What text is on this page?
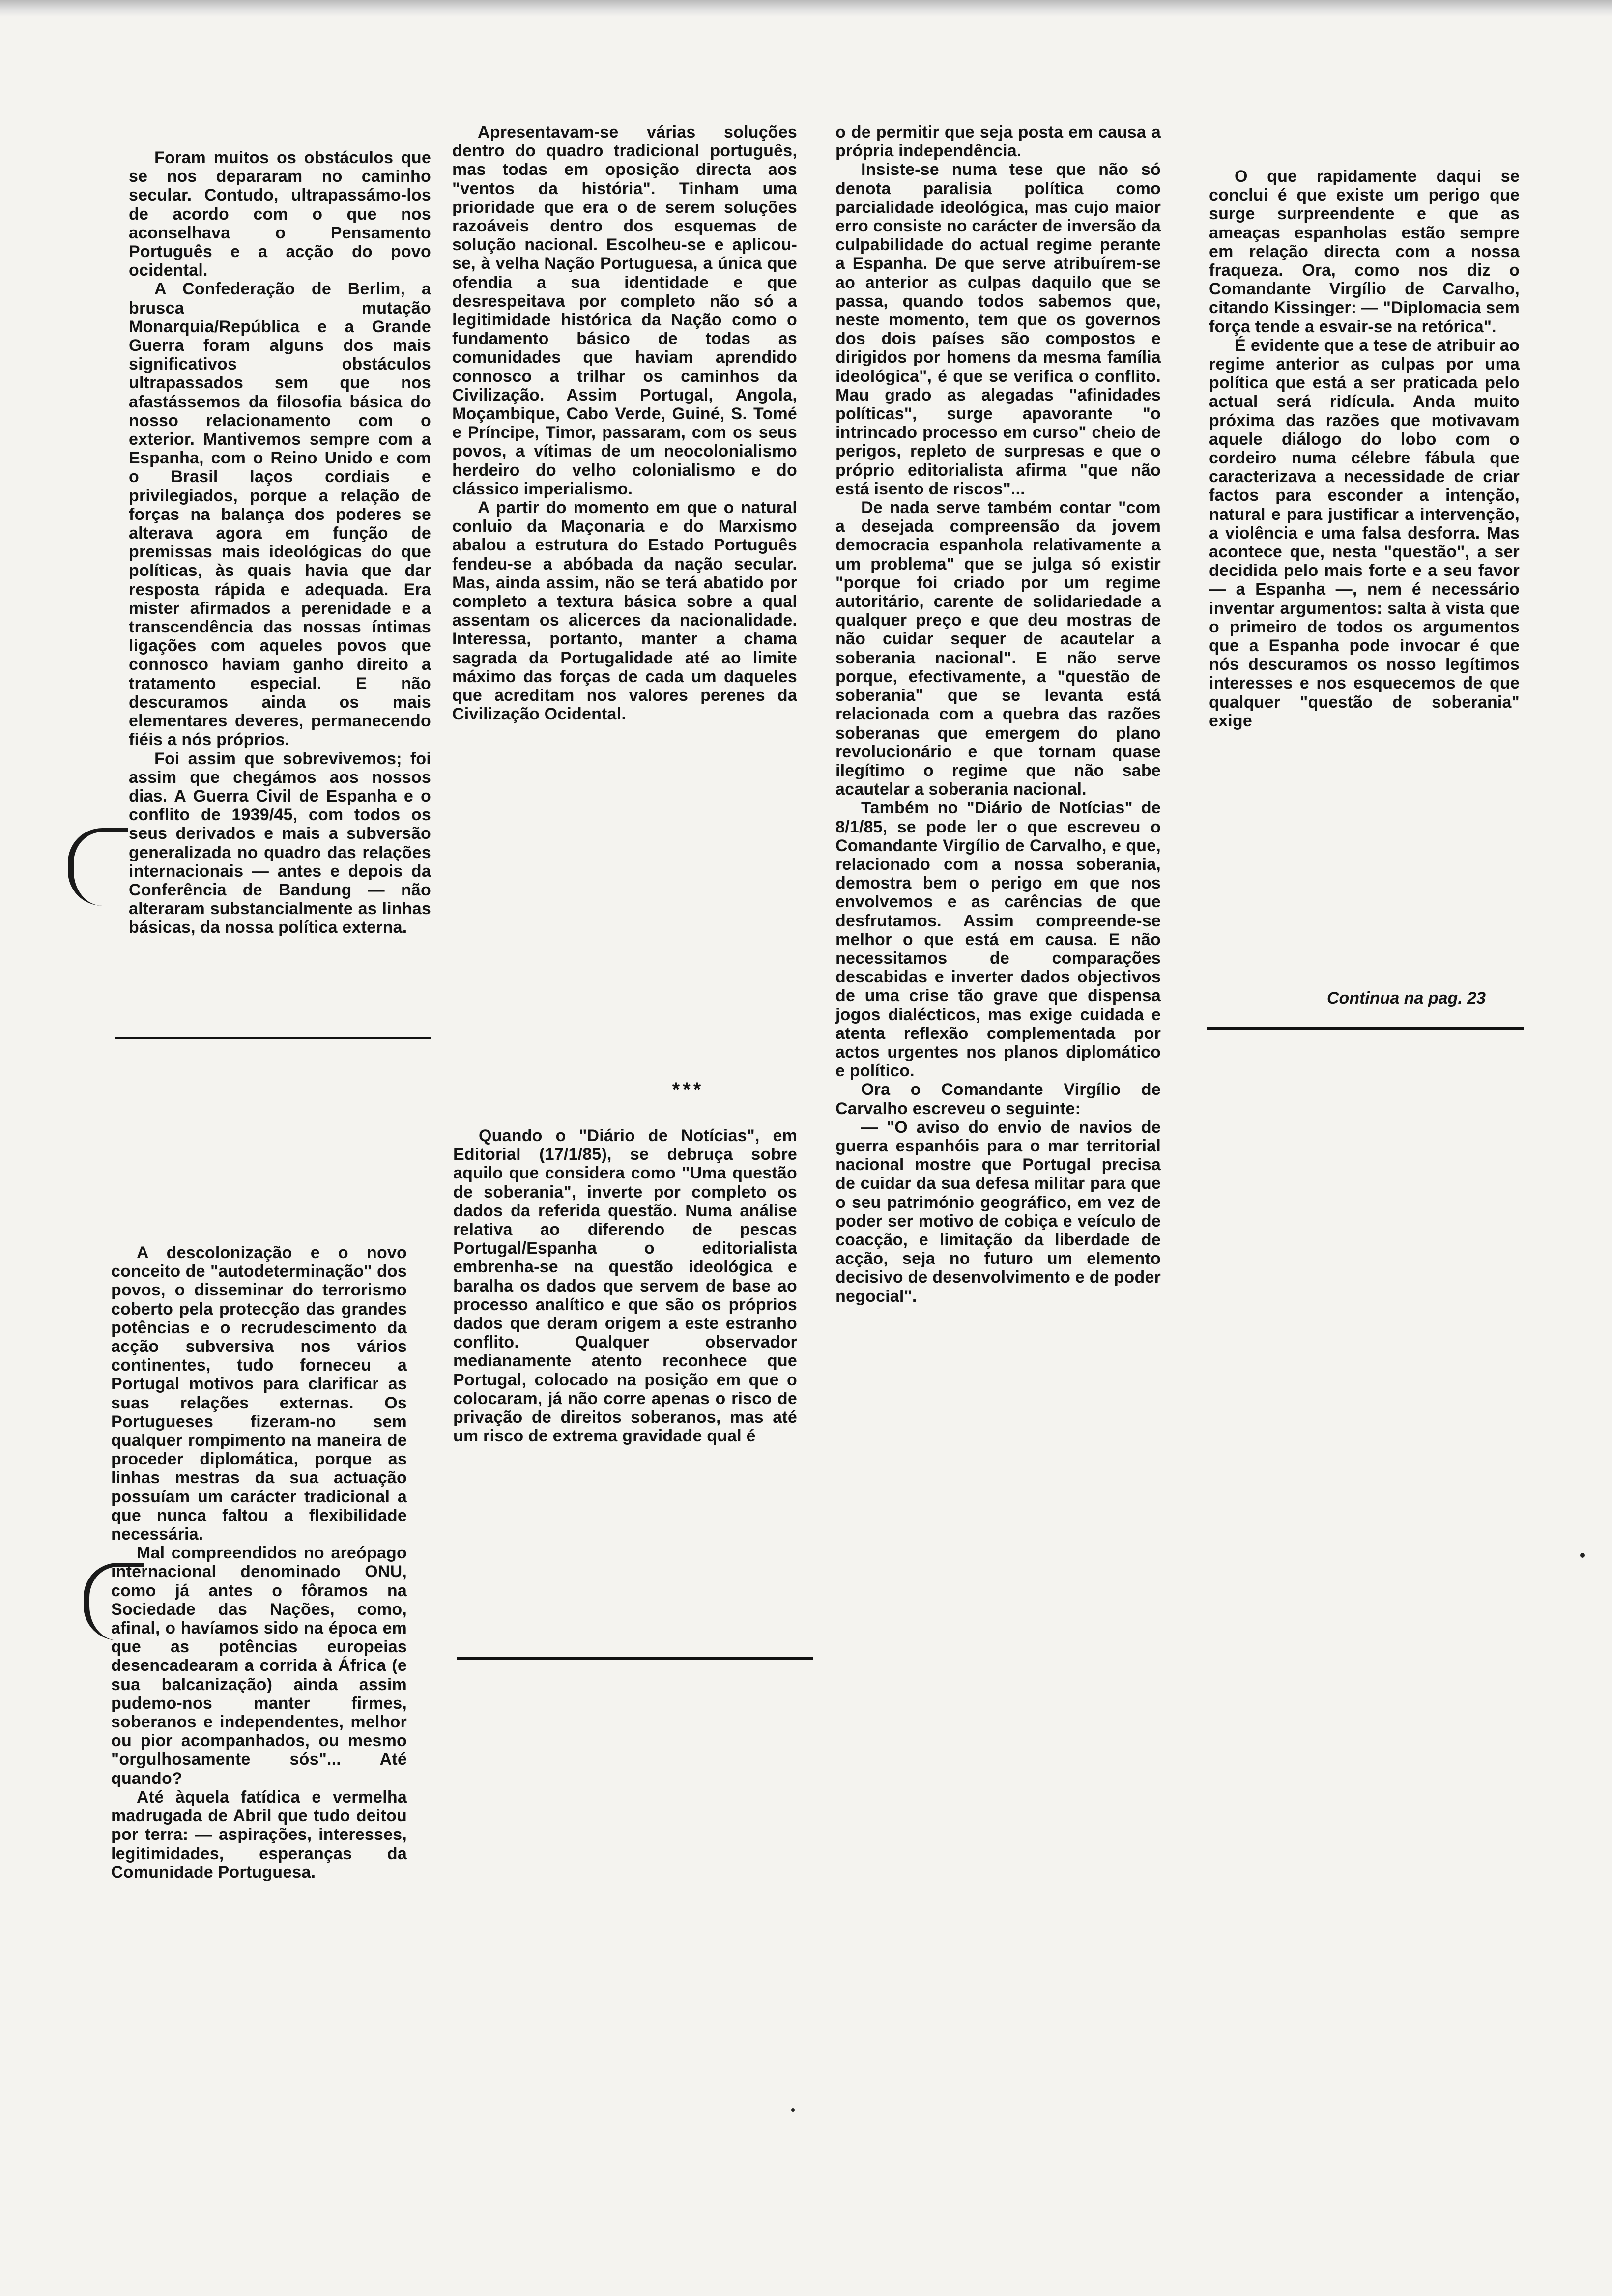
Foram muitos os obstáculos que se nos depararam no caminho secular. Contudo, ultrapassámo-los de acordo com o que nos aconselhava o Pensamento Português e a acção do povo ocidental.

A Confederação de Berlim, a brusca mutação Monarquia/República e a Grande Guerra foram alguns dos mais significativos obstáculos ultrapassados sem que nos afastássemos da filosofia básica do nosso relacionamento com o exterior. Mantivemos sempre com a Espanha, com o Reino Unido e com o Brasil laços cordiais e privilegiados, porque a relação de forças na balança dos poderes se alterava agora em função de premissas mais ideológicas do que políticas, às quais havia que dar resposta rápida e adequada. Era mister afirmados a perenidade e a transcendência das nossas íntimas ligações com aqueles povos que connosco haviam ganho direito a tratamento especial. E não descuramos ainda os mais elementares deveres, permanecendo fiéis a nós próprios.

Foi assim que sobrevivemos; foi assim que chegámos aos nossos dias. A Guerra Civil de Espanha e o conflito de 1939/45, com todos os seus derivados e mais a subversão generalizada no quadro das relações internacionais — antes e depois da Conferência de Bandung — não alteraram substancialmente as linhas básicas, da nossa política externa.

A descolonização e o novo conceito de "autodeterminação" dos povos, o disseminar do terrorismo coberto pela protecção das grandes potências e o recrudescimento da acção subversiva nos vários continentes, tudo forneceu a Portugal motivos para clarificar as suas relações externas. Os Portugueses fizeram-no sem qualquer rompimento na maneira de proceder diplomática, porque as linhas mestras da sua actuação possuíam um carácter tradicional a que nunca faltou a flexibilidade necessária.

Mal compreendidos no areópago internacional denominado ONU, como já antes o fôramos na Sociedade das Nações, como, afinal, o havíamos sido na época em que as potências europeias desencadearam a corrida à África (e sua balcanização) ainda assim pudemo-nos manter firmes, soberanos e independentes, melhor ou pior acompanhados, ou mesmo "orgulhosamente sós"... Até quando?

Até àquela fatídica e vermelha madrugada de Abril que tudo deitou por terra: — aspirações, interesses, legitimidades, esperanças da Comunidade Portuguesa.

Apresentavam-se várias soluções dentro do quadro tradicional português, mas todas em oposição directa aos "ventos da história". Tinham uma prioridade que era o de serem soluções razoáveis dentro dos esquemas de solução nacional. Escolheu-se e aplicou-se, à velha Nação Portuguesa, a única que ofendia a sua identidade e que desrespeitava por completo não só a legitimidade histórica da Nação como o fundamento básico de todas as comunidades que haviam aprendido connosco a trilhar os caminhos da Civilização. Assim Portugal, Angola, Moçambique, Cabo Verde, Guiné, S. Tomé e Príncipe, Timor, passaram, com os seus povos, a vítimas de um neocolonialismo herdeiro do velho colonialismo e do clássico imperialismo.

A partir do momento em que o natural conluio da Maçonaria e do Marxismo abalou a estrutura do Estado Português fendeu-se a abóbada da nação secular. Mas, ainda assim, não se terá abatido por completo a textura básica sobre a qual assentam os alicerces da nacionalidade. Interessa, portanto, manter a chama sagrada da Portugalidade até ao limite máximo das forças de cada um daqueles que acreditam nos valores perenes da Civilização Ocidental.

***

Quando o "Diário de Notícias", em Editorial (17/1/85), se debruça sobre aquilo que considera como "Uma questão de soberania", inverte por completo os dados da referida questão. Numa análise relativa ao diferendo de pescas Portugal/Espanha o editorialista embrenha-se na questão ideológica e baralha os dados que servem de base ao processo analítico e que são os próprios dados que deram origem a este estranho conflito. Qualquer observador medianamente atento reconhece que Portugal, colocado na posição em que o colocaram, já não corre apenas o risco de privação de direitos soberanos, mas até um risco de extrema gravidade qual é

o de permitir que seja posta em causa a própria independência.

Insiste-se numa tese que não só denota paralisia política como parcialidade ideológica, mas cujo maior erro consiste no carácter de inversão da culpabilidade do actual regime perante a Espanha. De que serve atribuírem-se ao anterior as culpas daquilo que se passa, quando todos sabemos que, neste momento, tem que os governos dos dois países são compostos e dirigidos por homens da mesma família ideológica", é que se verifica o conflito. Mau grado as alegadas "afinidades políticas", surge apavorante "o intrincado processo em curso" cheio de perigos, repleto de surpresas e que o próprio editorialista afirma "que não está isento de riscos"...

De nada serve também contar "com a desejada compreensão da jovem democracia espanhola relativamente a um problema" que se julga só existir "porque foi criado por um regime autoritário, carente de solidariedade a qualquer preço e que deu mostras de não cuidar sequer de acautelar a soberania nacional". E não serve porque, efectivamente, a "questão de soberania" que se levanta está relacionada com a quebra das razões soberanas que emergem do plano revolucionário e que tornam quase ilegítimo o regime que não sabe acautelar a soberania nacional.

Também no "Diário de Notícias" de 8/1/85, se pode ler o que escreveu o Comandante Virgílio de Carvalho, e que, relacionado com a nossa soberania, demostra bem o perigo em que nos envolvemos e as carências de que desfrutamos. Assim compreende-se melhor o que está em causa. E não necessitamos de comparações descabidas e inverter dados objectivos de uma crise tão grave que dispensa jogos dialécticos, mas exige cuidada e atenta reflexão complementada por actos urgentes nos planos diplomático e político.

Ora o Comandante Virgílio de Carvalho escreveu o seguinte:

— "O aviso do envio de navios de guerra espanhóis para o mar territorial nacional mostre que Portugal precisa de cuidar da sua defesa militar para que o seu património geográfico, em vez de poder ser motivo de cobiça e veículo de coacção, e limitação da liberdade de acção, seja no futuro um elemento decisivo de desenvolvimento e de poder negocial".

O que rapidamente daqui se conclui é que existe um perigo que surge surpreendente e que as ameaças espanholas estão sempre em relação directa com a nossa fraqueza. Ora, como nos diz o Comandante Virgílio de Carvalho, citando Kissinger: — "Diplomacia sem força tende a esvair-se na retórica".

É evidente que a tese de atribuir ao regime anterior as culpas por uma política que está a ser praticada pelo actual será ridícula. Anda muito próxima das razões que motivavam aquele diálogo do lobo com o cordeiro numa célebre fábula que caracterizava a necessidade de criar factos para esconder a intenção, natural e para justificar a intervenção, a violência e uma falsa desforra. Mas acontece que, nesta "questão", a ser decidida pelo mais forte e a seu favor — a Espanha —, nem é necessário inventar argumentos: salta à vista que o primeiro de todos os argumentos que a Espanha pode invocar é que nós descuramos os nosso legítimos interesses e nos esquecemos de que qualquer "questão de soberania" exige

Continua na pag. 23
